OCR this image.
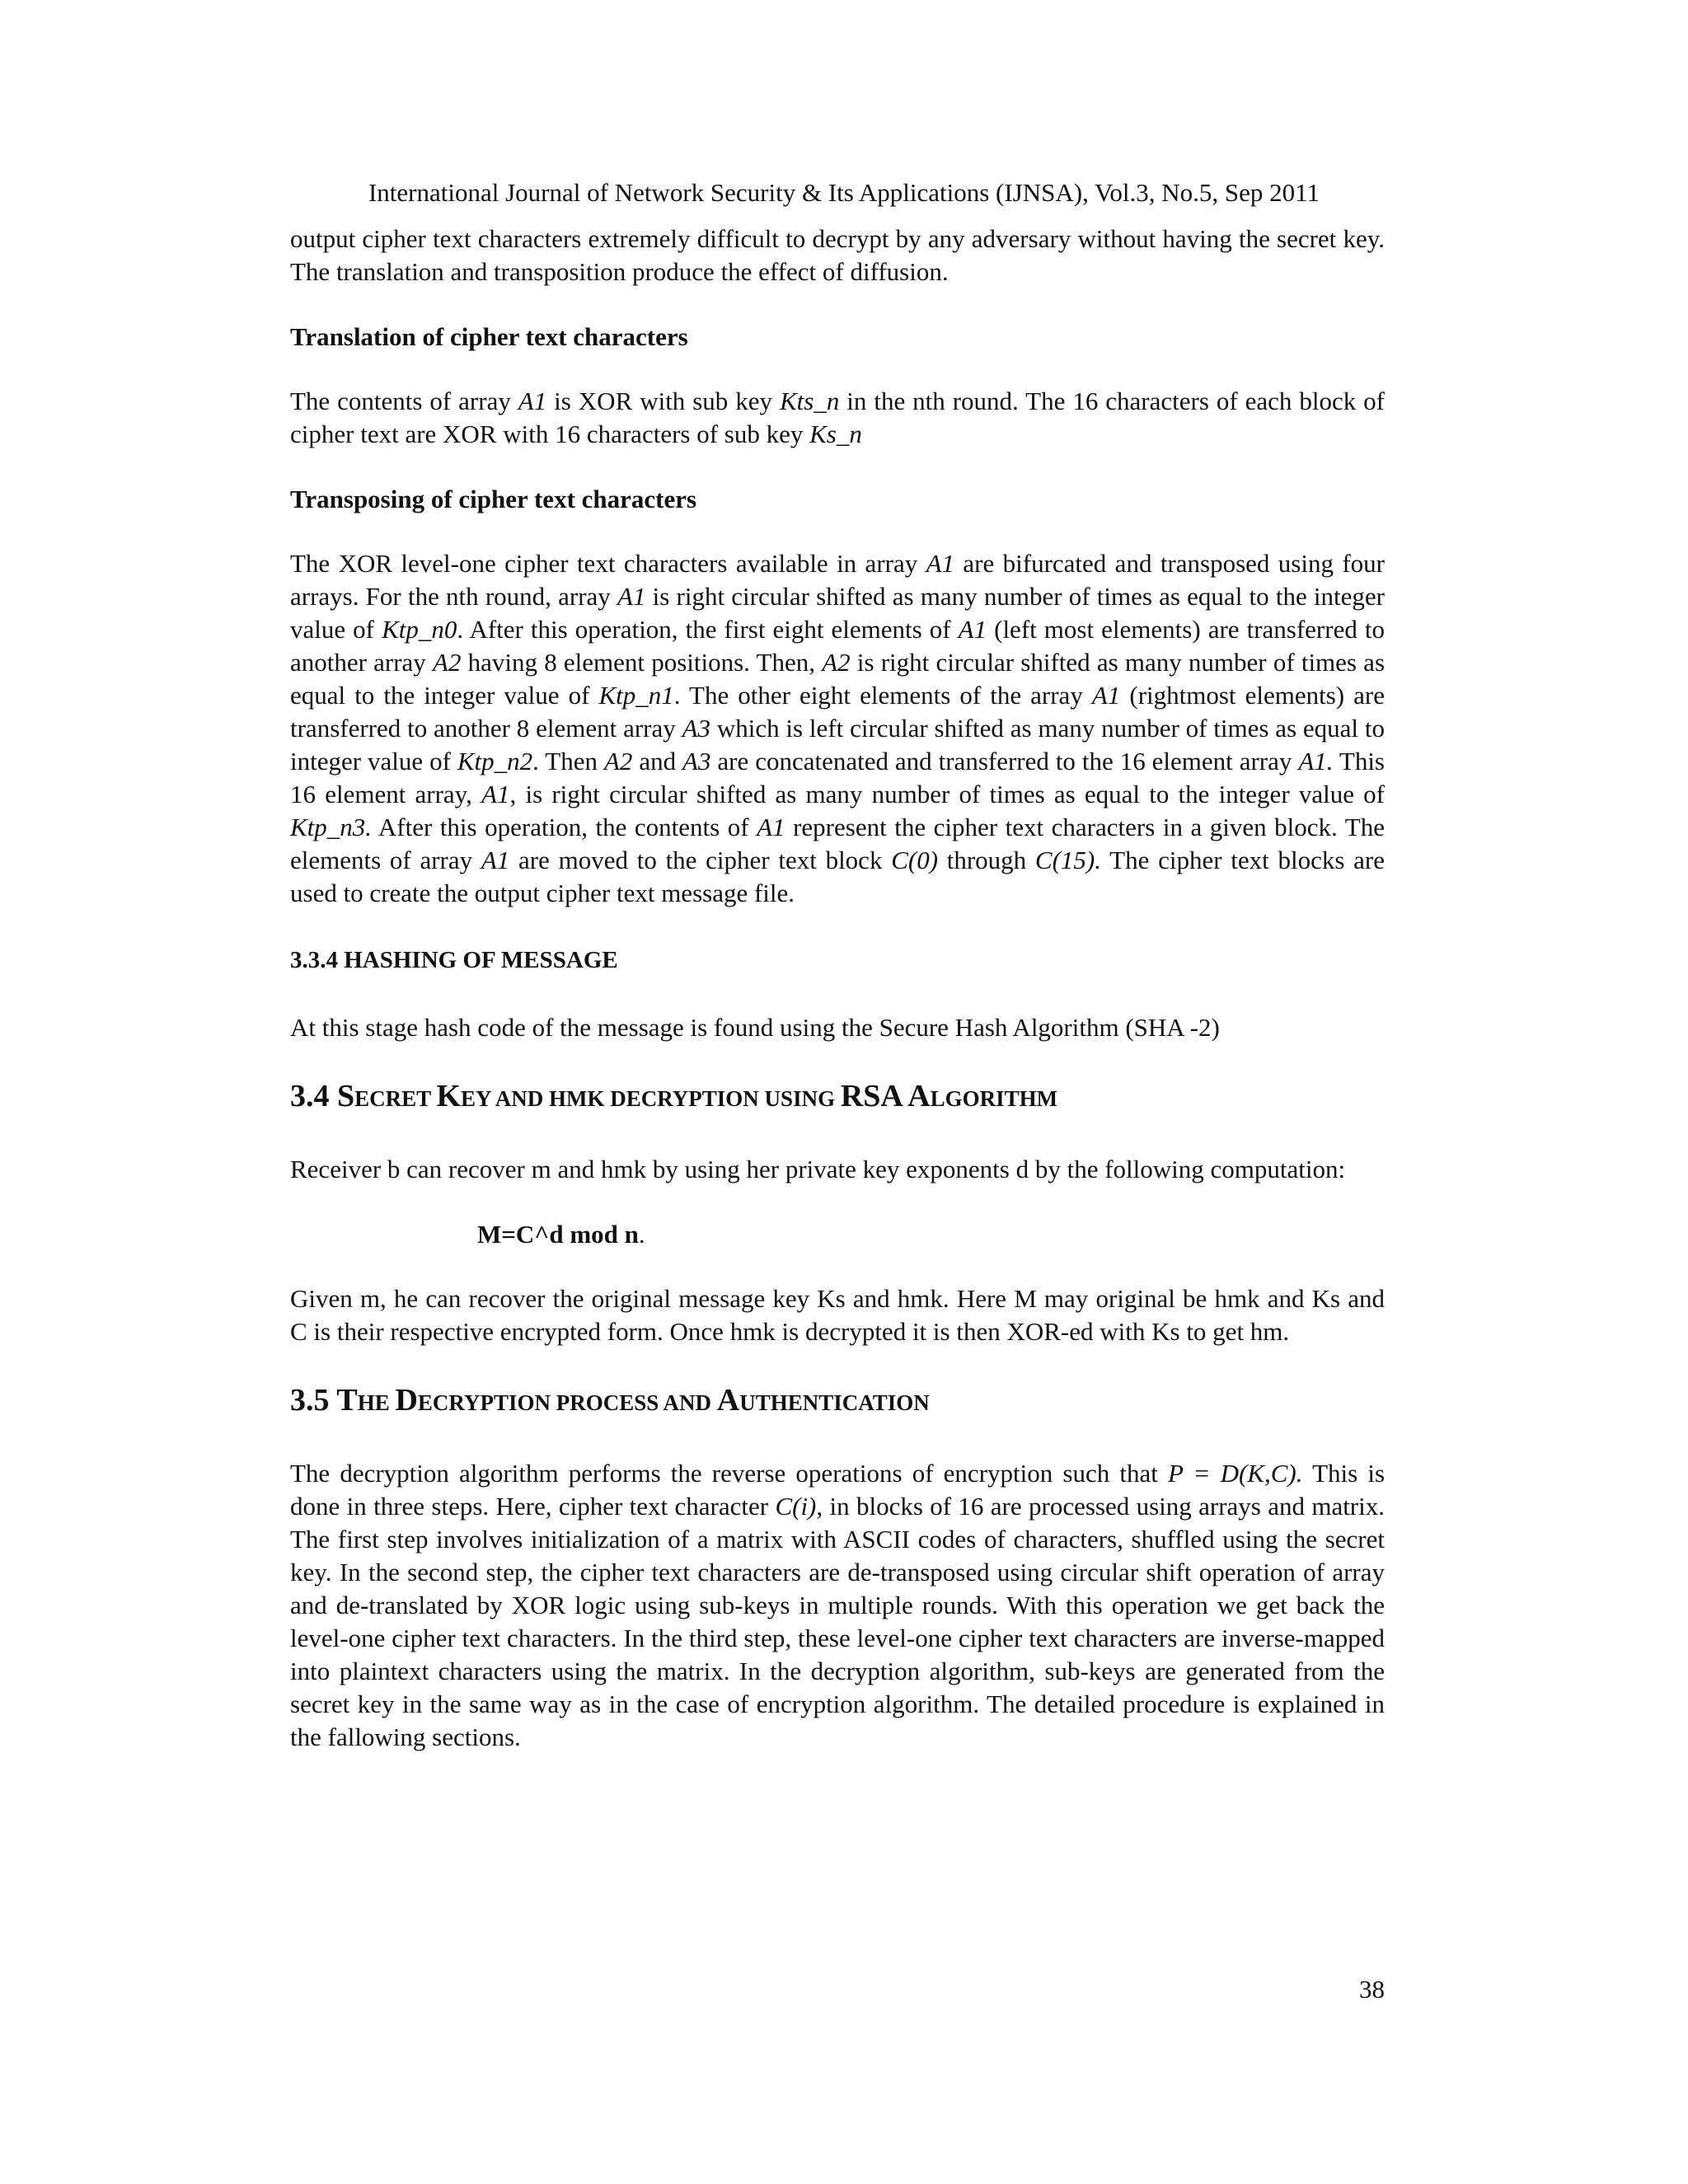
International Journal of Network Security & Its Applications (IJNSA), Vol.3, No.5, Sep 2011

output cipher text characters extremely difficult to decrypt by any adversary without having the secret key. The translation and transposition produce the effect of diffusion.

Translation of cipher text characters

The contents of array A1 is XOR with sub key Kts_n in the nth round. The 16 characters of each block of cipher text are XOR with 16 characters of sub key Ks_n

Transposing of cipher text characters

The XOR level-one cipher text characters available in array A1 are bifurcated and transposed using four arrays. For the nth round, array A1 is right circular shifted as many number of times as equal to the integer value of Ktp_n0. After this operation, the first eight elements of A1 (left most elements) are transferred to another array A2 having 8 element positions. Then, A2 is right circular shifted as many number of times as equal to the integer value of Ktp_n1. The other eight elements of the array A1 (rightmost elements) are transferred to another 8 element array A3 which is left circular shifted as many number of times as equal to integer value of Ktp_n2. Then A2 and A3 are concatenated and transferred to the 16 element array A1. This 16 element array, A1, is right circular shifted as many number of times as equal to the integer value of Ktp_n3. After this operation, the contents of A1 represent the cipher text characters in a given block. The elements of array A1 are moved to the cipher text block C(0) through C(15). The cipher text blocks are used to create the output cipher text message file.

3.3.4 HASHING OF MESSAGE

At this stage hash code of the message is found using the Secure Hash Algorithm (SHA -2)

3.4 SECRET KEY AND HMK DECRYPTION USING RSA ALGORITHM

Receiver b can recover m and hmk by using her private key exponents d by the following computation:

M=C^d mod n.

Given m, he can recover the original message key Ks and hmk. Here M may original be hmk and Ks and C is their respective encrypted form. Once hmk is decrypted it is then XOR-ed with Ks to get hm.

3.5 THE DECRYPTION PROCESS AND AUTHENTICATION

The decryption algorithm performs the reverse operations of encryption such that P = D(K,C). This is done in three steps. Here, cipher text character C(i), in blocks of 16 are processed using arrays and matrix. The first step involves initialization of a matrix with ASCII codes of characters, shuffled using the secret key. In the second step, the cipher text characters are de-transposed using circular shift operation of array and de-translated by XOR logic using sub-keys in multiple rounds. With this operation we get back the level-one cipher text characters. In the third step, these level-one cipher text characters are inverse-mapped into plaintext characters using the matrix. In the decryption algorithm, sub-keys are generated from the secret key in the same way as in the case of encryption algorithm. The detailed procedure is explained in the fallowing sections.

38
